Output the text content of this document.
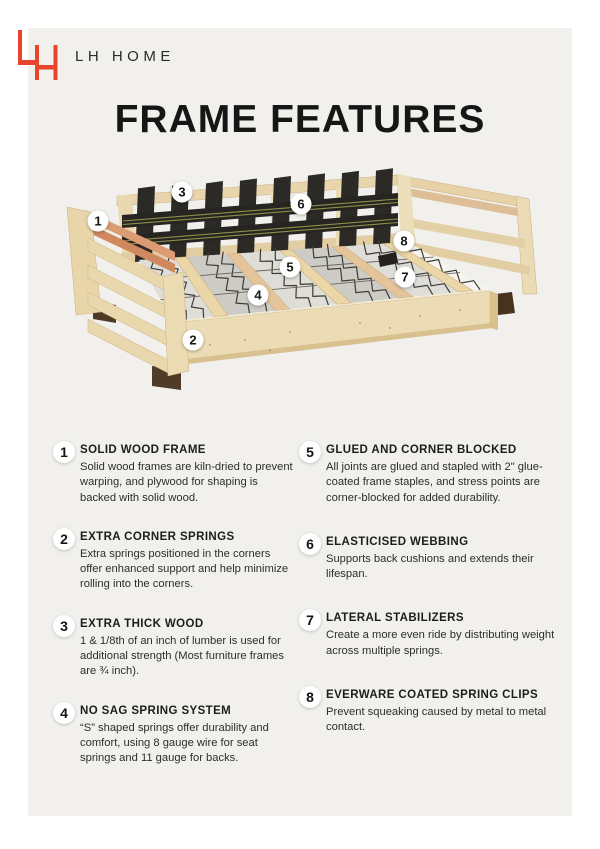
LH HOME
FRAME FEATURES
1
2
3
4
5
6
7
8
1	SOLID WOOD FRAME
Solid wood frames are kiln-dried to prevent warping, and plywood for shaping is backed with solid wood.
2	EXTRA CORNER SPRINGS
Extra springs positioned in the corners offer enhanced support and help minimize rolling into the corners.
3	EXTRA THICK WOOD
1 & 1/8th of an inch of lumber is used for additional strength (Most furniture frames are ¾ inch).
4	NO SAG SPRING SYSTEM
“S” shaped springs offer durability and comfort, using 8 gauge wire for seat springs and 11 gauge for backs.
5	GLUED AND CORNER BLOCKED
All joints are glued and stapled with 2" glue-coated frame staples, and stress points are corner-blocked for added durability.
6	ELASTICISED WEBBING
Supports back cushions and extends their lifespan.
7	LATERAL STABILIZERS
Create a more even ride by distributing weight across multiple springs.
8	EVERWARE COATED SPRING CLIPS
Prevent squeaking caused by metal to metal contact.
